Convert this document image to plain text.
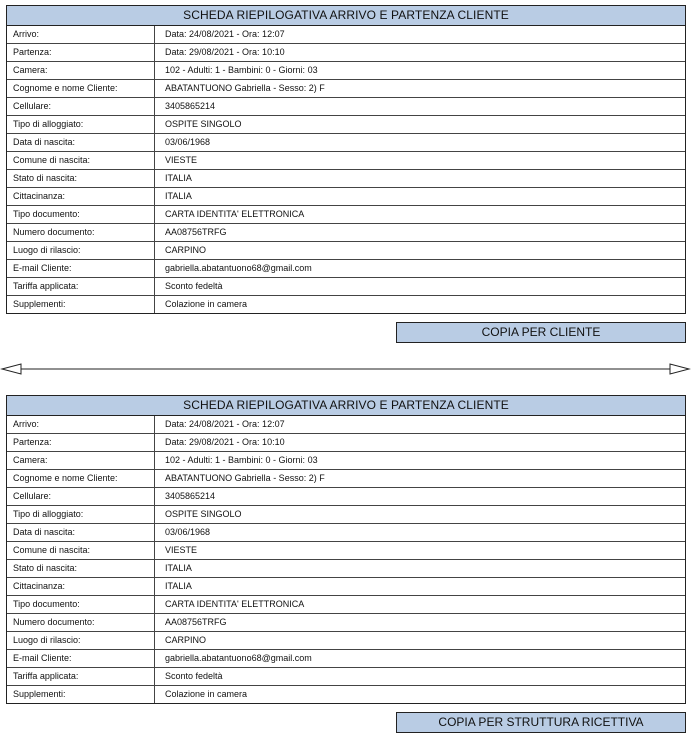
SCHEDA RIEPILOGATIVA ARRIVO E PARTENZA CLIENTE
Arrivo:	Data: 24/08/2021 - Ora: 12:07
Partenza:	Data: 29/08/2021 - Ora: 10:10
Camera:	102 - Adulti: 1 - Bambini: 0 - Giorni: 03
Cognome e nome Cliente:	ABATANTUONO Gabriella - Sesso: 2) F
Cellulare:	3405865214
Tipo di alloggiato:	OSPITE SINGOLO
Data di nascita:	03/06/1968
Comune di nascita:	VIESTE
Stato di nascita:	ITALIA
Cittacinanza:	ITALIA
Tipo documento:	CARTA IDENTITA' ELETTRONICA
Numero documento:	AA08756TRFG
Luogo di rilascio:	CARPINO
E-mail Cliente:	gabriella.abatantuono68@gmail.com
Tariffa applicata:	Sconto fedeltà
Supplementi:	Colazione in camera
COPIA PER CLIENTE
SCHEDA RIEPILOGATIVA ARRIVO E PARTENZA CLIENTE
Arrivo:	Data: 24/08/2021 - Ora: 12:07
Partenza:	Data: 29/08/2021 - Ora: 10:10
Camera:	102 - Adulti: 1 - Bambini: 0 - Giorni: 03
Cognome e nome Cliente:	ABATANTUONO Gabriella - Sesso: 2) F
Cellulare:	3405865214
Tipo di alloggiato:	OSPITE SINGOLO
Data di nascita:	03/06/1968
Comune di nascita:	VIESTE
Stato di nascita:	ITALIA
Cittacinanza:	ITALIA
Tipo documento:	CARTA IDENTITA' ELETTRONICA
Numero documento:	AA08756TRFG
Luogo di rilascio:	CARPINO
E-mail Cliente:	gabriella.abatantuono68@gmail.com
Tariffa applicata:	Sconto fedeltà
Supplementi:	Colazione in camera
COPIA PER STRUTTURA RICETTIVA
